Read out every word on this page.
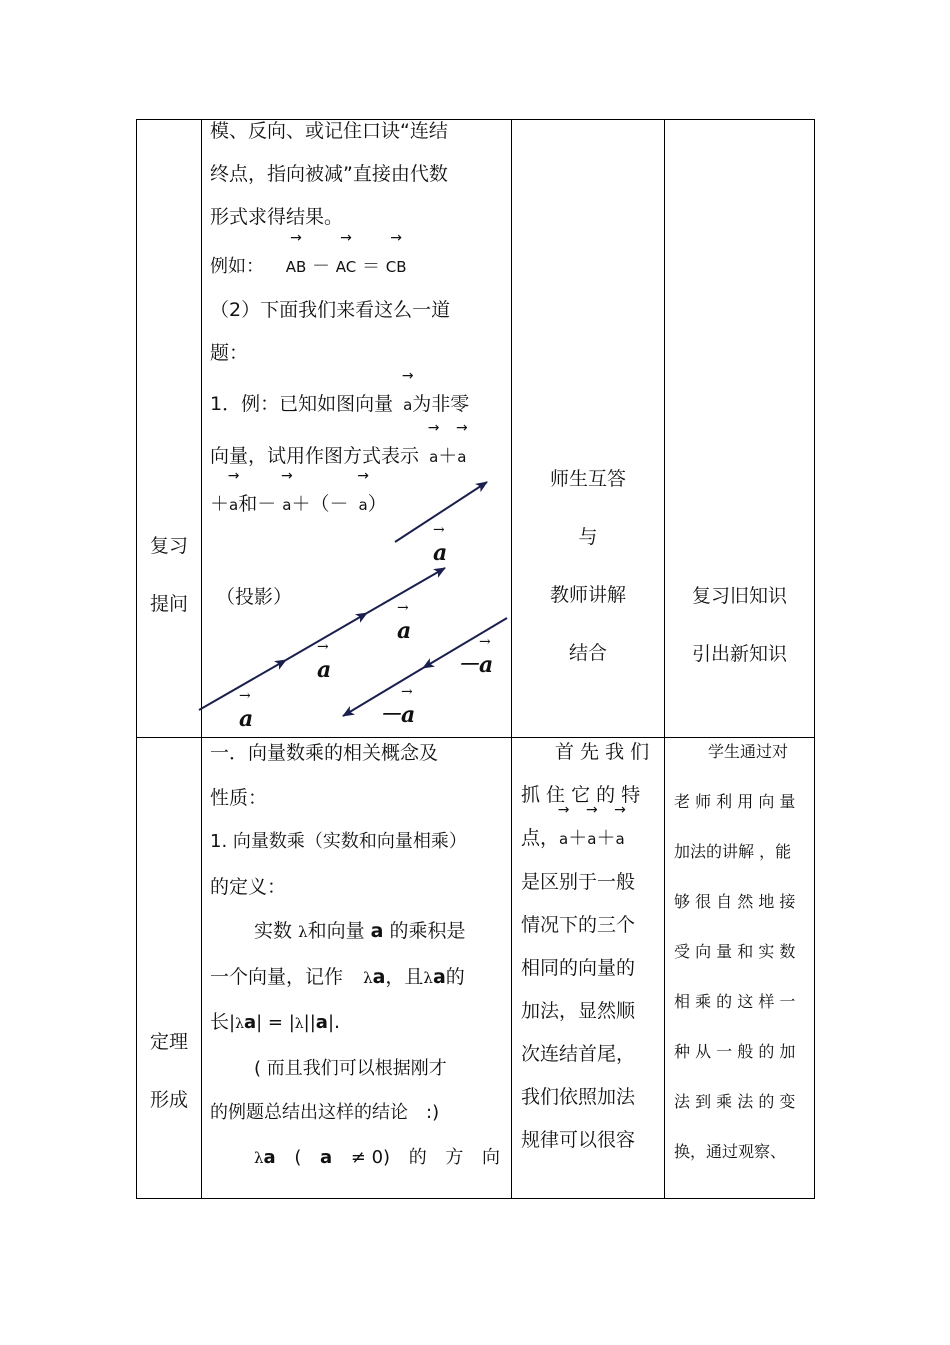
复习
提问
模、反向、或记住口诀“连结
终点，指向被减”直接由代数
形式求得结果。
例如： → AB － → AC ＝ → CB
（2）下面我们来看这么一道
题：
1．例：已知如图向量 → a为非零
向量，试用作图方式表示 → a＋→ a
＋→ a和－ → a＋（－ → a）
（投影）
a
a
a
a
－a
－a
→
→
→
→
→
→
师生互答
与
教师讲解
结合
复习旧知识
引出新知识
定理
形成
一．向量数乘的相关概念及
性质：
1. 向量数乘（实数和向量相乘）
的定义：
实数 λ和向量 a 的乘积是
一个向量，记作 λa，且λa的
长|λa| = |λ||a|.
( 而且我们可以根据刚才
的例题总结出这样的结论　:)
λa ( a ≠ 0) 的 方 向
首 先 我 们
抓 住 它 的 特
点，→ a＋→ a＋→ a
是区别于一般
情况下的三个
相同的向量的
加法，显然顺
次连结首尾，
我们依照加法
规律可以很容
学生通过对
老 师 利 用 向 量
加法的讲解 ，能
够 很 自 然 地 接
受 向 量 和 实 数
相 乘 的 这 样 一
种 从 一 般 的 加
法 到 乘 法 的 变
换，通过观察、
